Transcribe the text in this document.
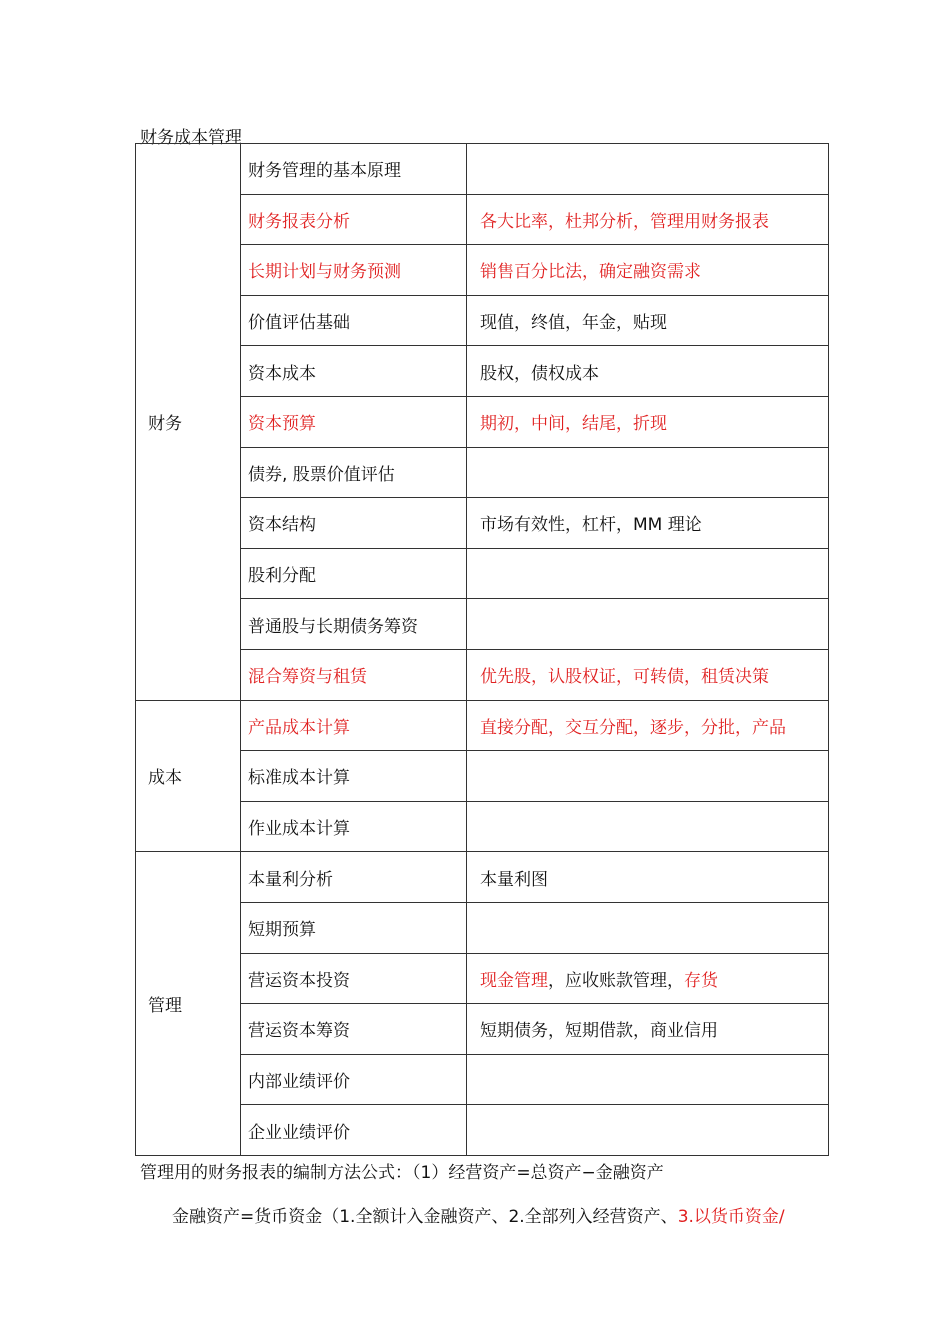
财务成本管理
财务	财务管理的基本原理	
	财务报表分析	各大比率，杜邦分析，管理用财务报表
	长期计划与财务预测	销售百分比法，确定融资需求
	价值评估基础	现值，终值，年金，贴现
	资本成本	股权，债权成本
	资本预算	期初，中间，结尾，折现
	债券, 股票价值评估	
	资本结构	市场有效性，杠杆，MM 理论
	股利分配	
	普通股与长期债务筹资	
	混合筹资与租赁	优先股，认股权证，可转债，租赁决策
成本	产品成本计算	直接分配，交互分配，逐步，分批，产品
	标准成本计算	
	作业成本计算	
管理	本量利分析	本量利图
	短期预算	
	营运资本投资	现金管理，应收账款管理，存货
	营运资本筹资	短期债务，短期借款，商业信用
	内部业绩评价	
	企业业绩评价	
管理用的财务报表的编制方法公式：（1）经营资产=总资产−金融资产
金融资产=货币资金（1.全额计入金融资产、2.全部列入经营资产、3.以货币资金/
